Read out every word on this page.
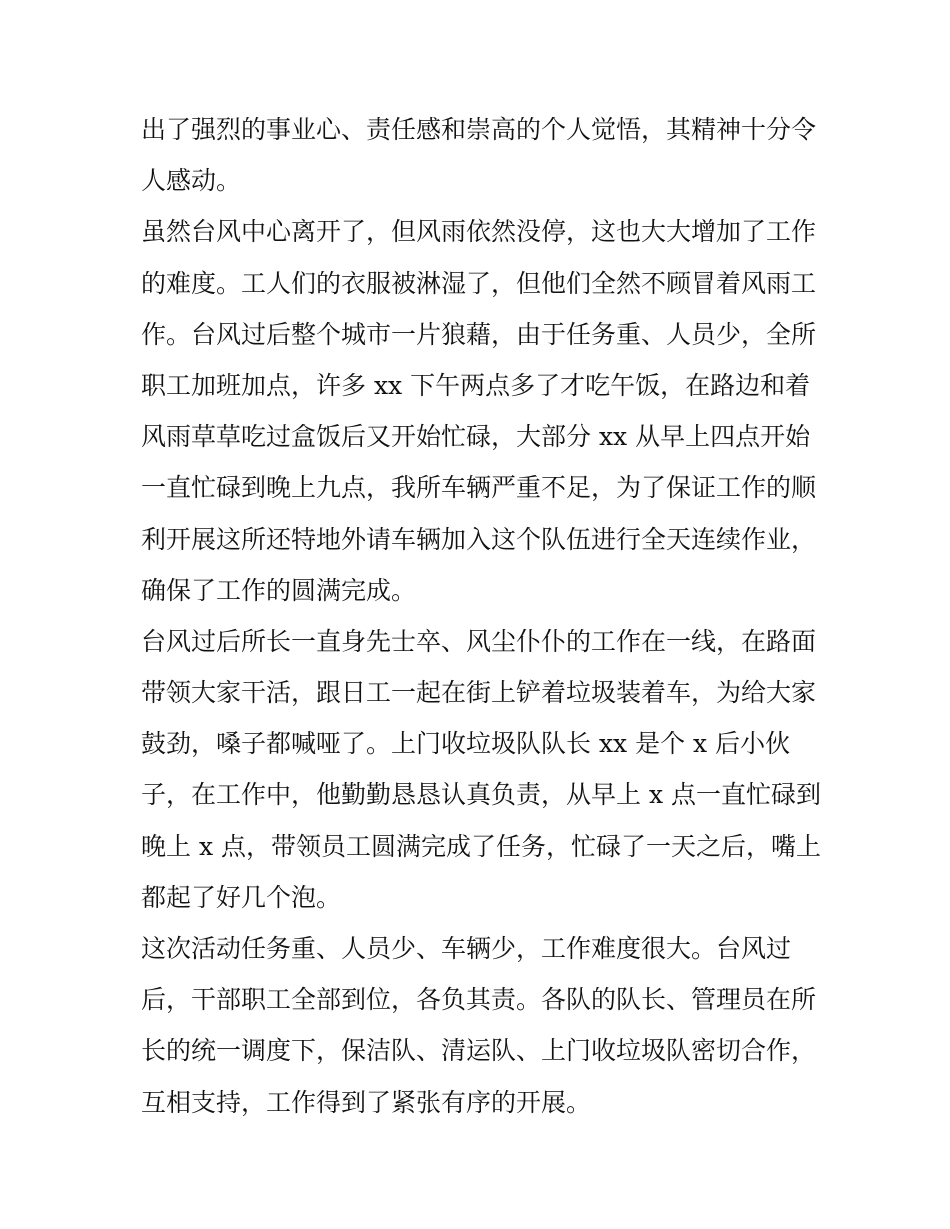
出了强烈的事业心、责任感和崇高的个人觉悟，其精神十分令

人感动。

虽然台风中心离开了，但风雨依然没停，这也大大增加了工作

的难度。工人们的衣服被淋湿了，但他们全然不顾冒着风雨工

作。台风过后整个城市一片狼藉，由于任务重、人员少，全所

职工加班加点，许多 xx 下午两点多了才吃午饭，在路边和着

风雨草草吃过盒饭后又开始忙碌，大部分 xx 从早上四点开始

一直忙碌到晚上九点，我所车辆严重不足，为了保证工作的顺

利开展这所还特地外请车辆加入这个队伍进行全天连续作业，

确保了工作的圆满完成。

台风过后所长一直身先士卒、风尘仆仆的工作在一线，在路面

带领大家干活，跟日工一起在街上铲着垃圾装着车，为给大家

鼓劲，嗓子都喊哑了。上门收垃圾队队长 xx 是个 x 后小伙

子，在工作中，他勤勤恳恳认真负责，从早上 x 点一直忙碌到

晚上 x 点，带领员工圆满完成了任务，忙碌了一天之后，嘴上

都起了好几个泡。

这次活动任务重、人员少、车辆少，工作难度很大。台风过

后，干部职工全部到位，各负其责。各队的队长、管理员在所

长的统一调度下，保洁队、清运队、上门收垃圾队密切合作，

互相支持，工作得到了紧张有序的开展。
